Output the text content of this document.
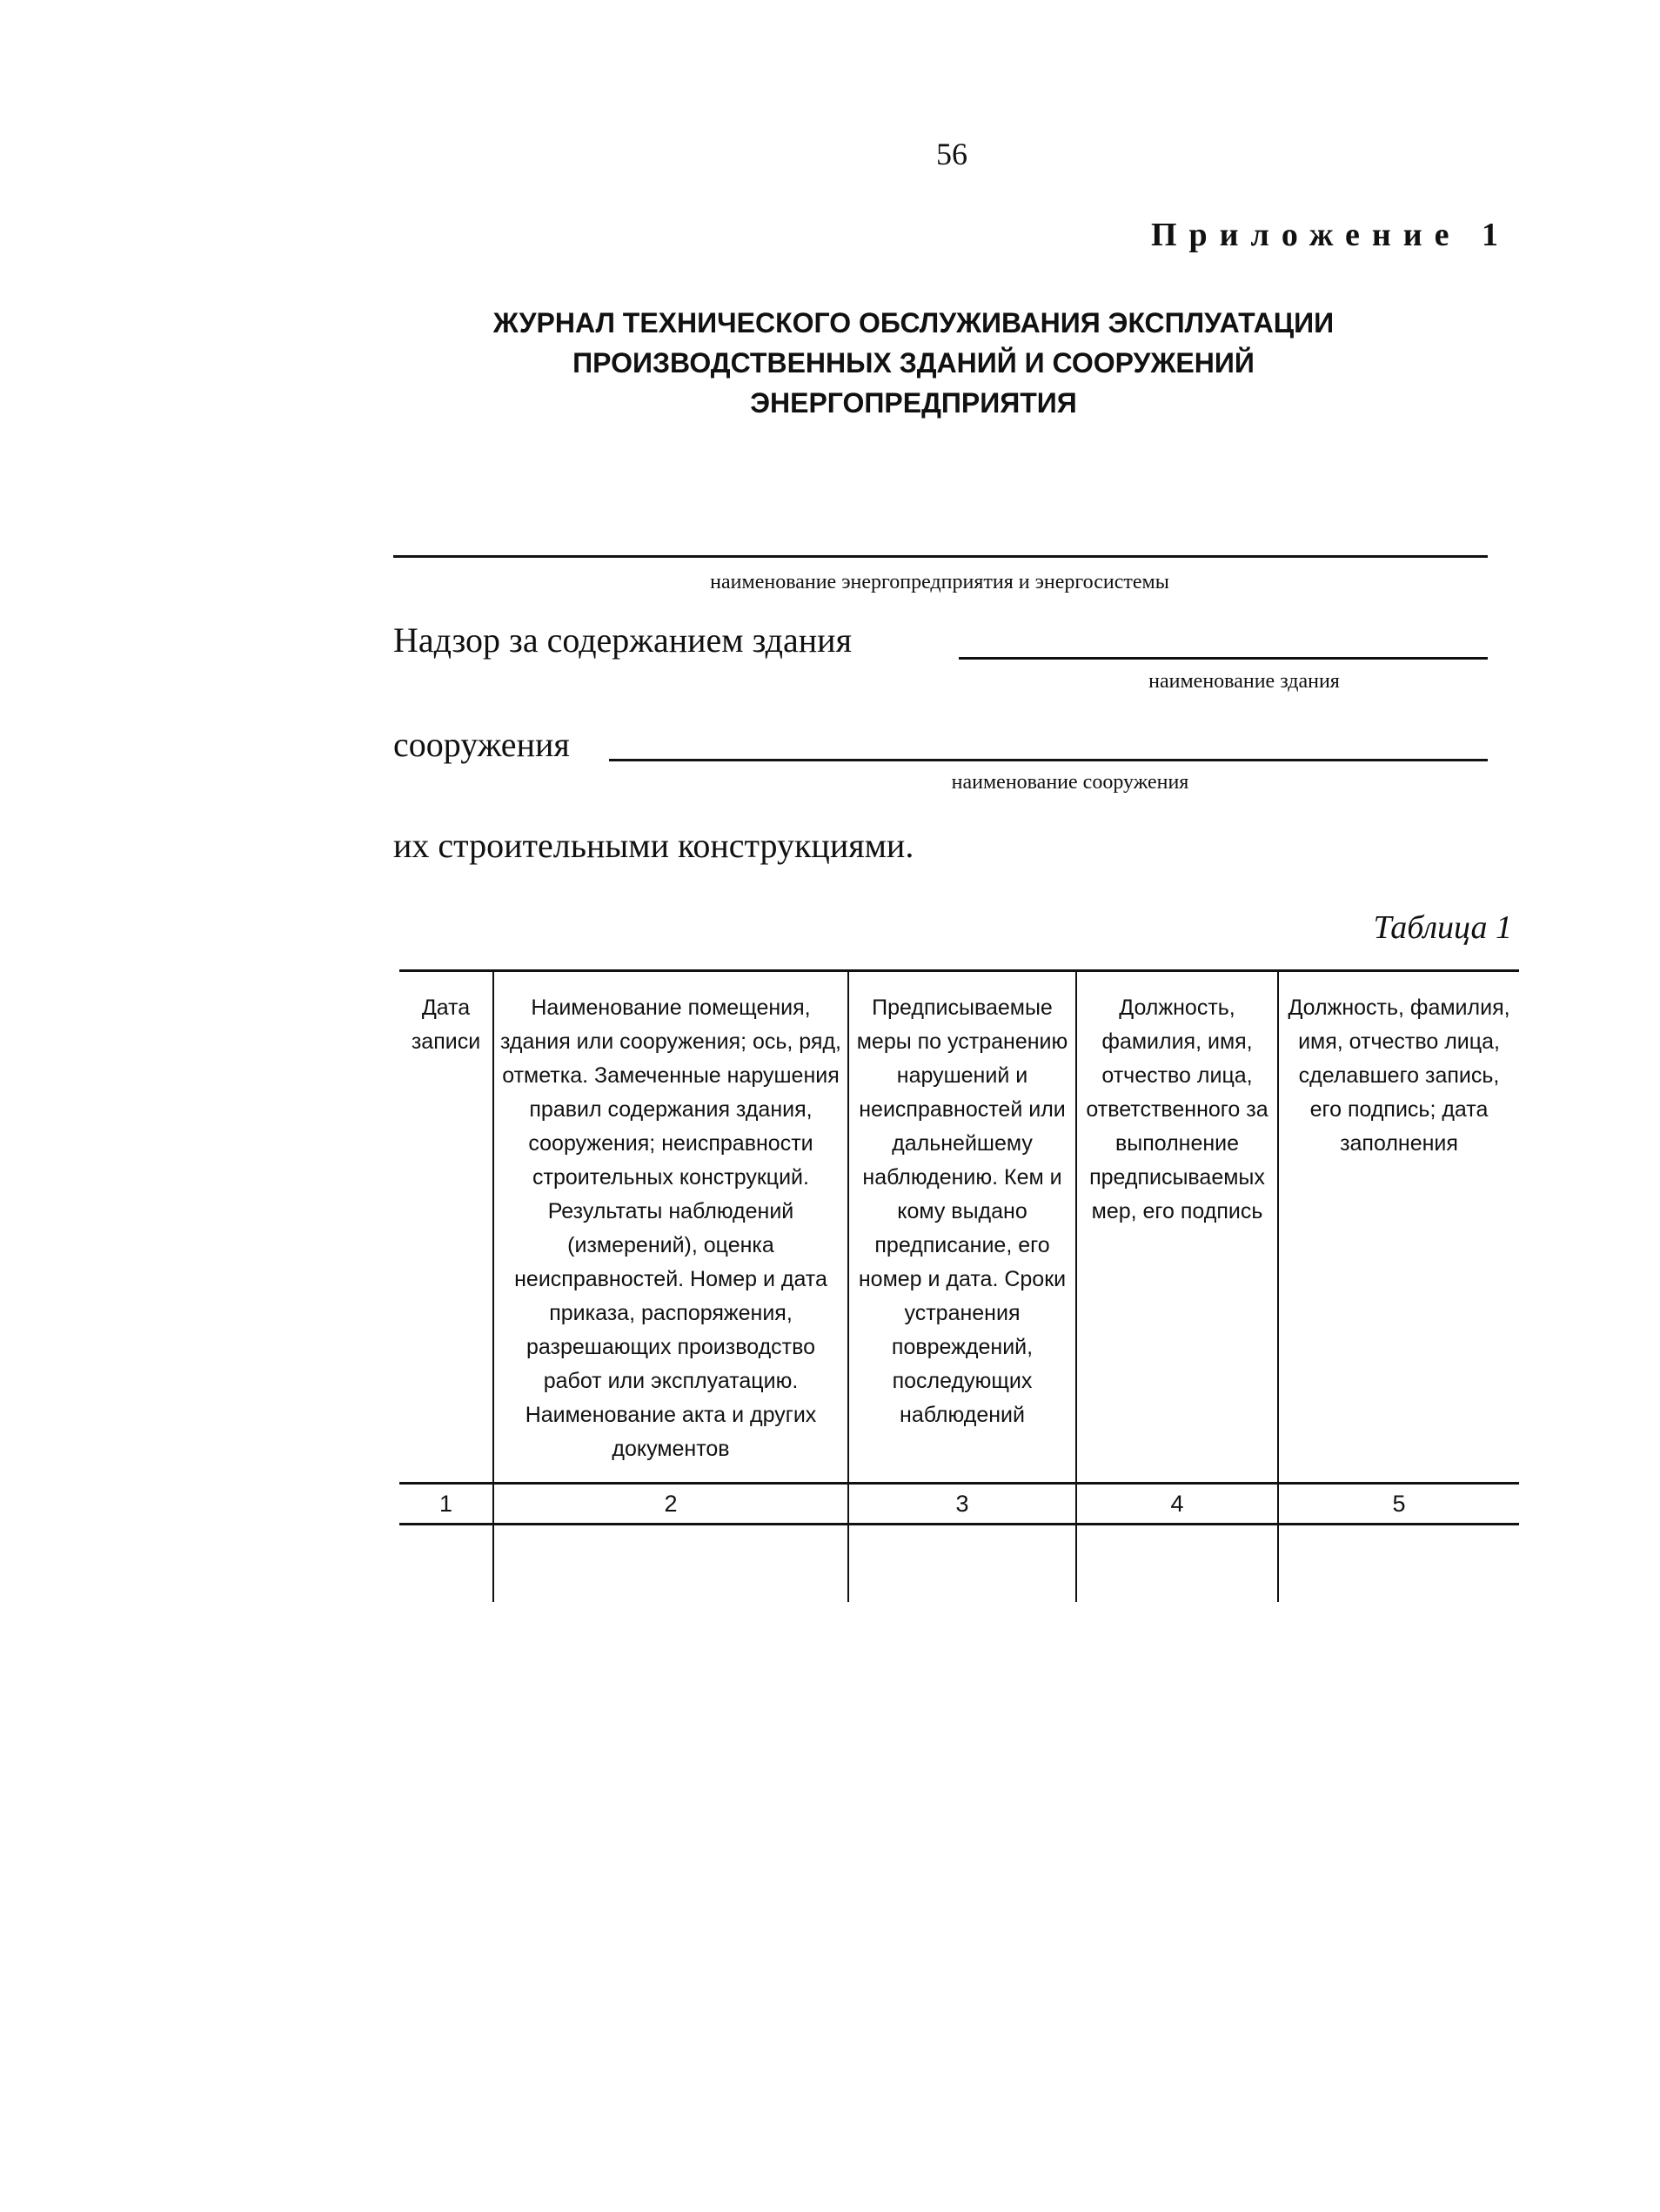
56
Приложение 1
ЖУРНАЛ ТЕХНИЧЕСКОГО ОБСЛУЖИВАНИЯ ЭКСПЛУАТАЦИИ
ПРОИЗВОДСТВЕННЫХ ЗДАНИЙ И СООРУЖЕНИЙ
ЭНЕРГОПРЕДПРИЯТИЯ
наименование энергопредприятия и энергосистемы
Надзор за содержанием здания
наименование здания
сооружения
наименование сооружения
их строительными конструкциями.
Таблица 1
Дата записи	Наименование помещения, здания или сооружения; ось, ряд, отметка. Замеченные нарушения правил содержания здания, сооружения; неисправности строительных конструкций. Результаты наблюдений (измерений), оценка неисправностей. Номер и дата приказа, распоряжения, разрешающих производство работ или эксплуатацию. Наименование акта и других документов	Предписываемые меры по устранению нарушений и неисправностей или дальнейшему наблюдению. Кем и кому выдано предписание, его номер и дата. Сроки устранения повреждений, последующих наблюдений	Должность, фамилия, имя, отчество лица, ответственного за выполнение предписываемых мер, его подпись	Должность, фамилия, имя, отчество лица, сделавшего запись, его подпись; дата заполнения

1	2	3	4	5
